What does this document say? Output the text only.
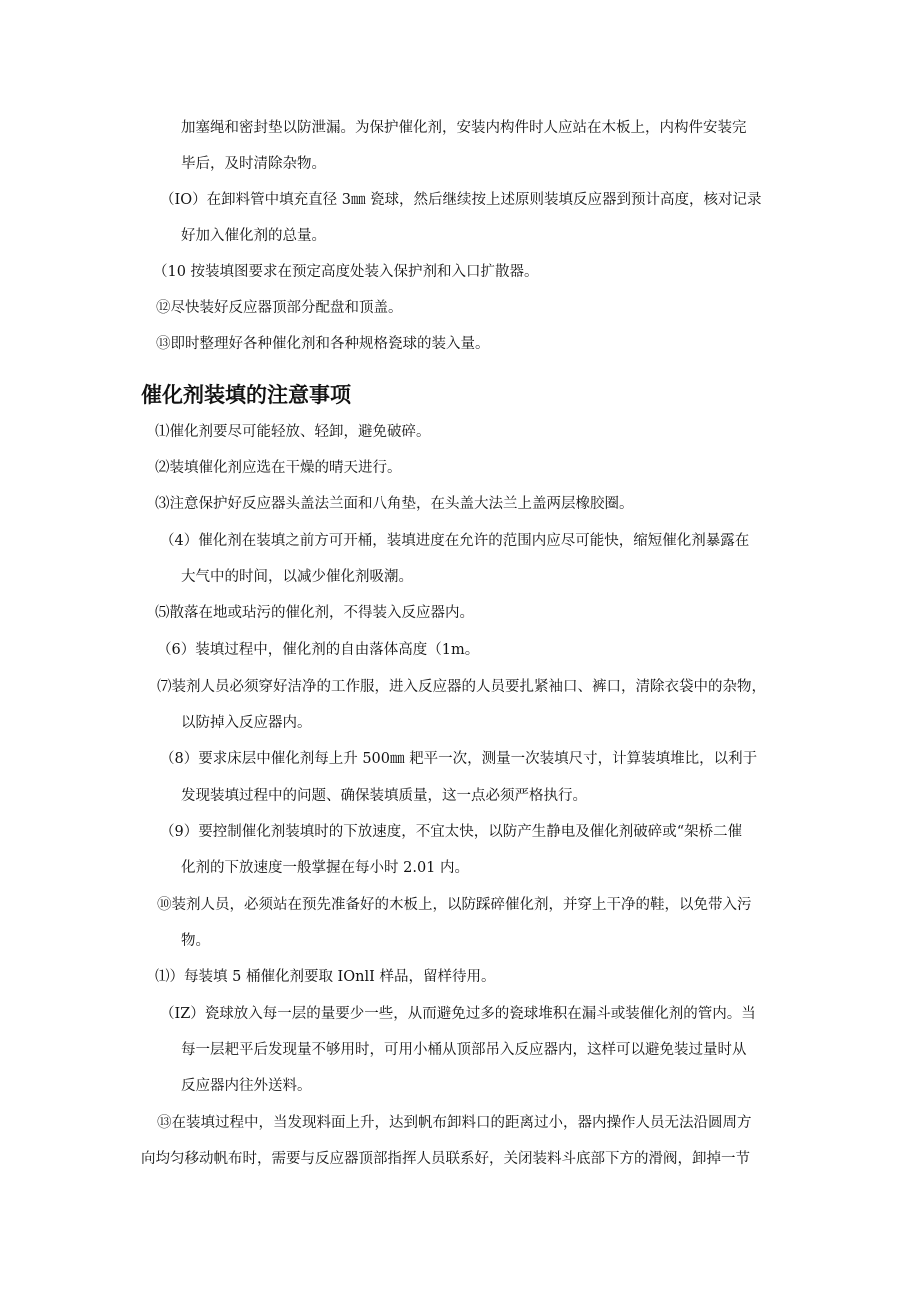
加塞绳和密封垫以防泄漏。为保护催化剂，安装内构件时人应站在木板上，内构件安装完
毕后，及时清除杂物。
（IO）在卸料管中填充直径 3㎜ 瓷球，然后继续按上述原则装填反应器到预计高度，核对记录
好加入催化剂的总量。
（10 按装填图要求在预定高度处装入保护剂和入口扩散器。
⑫尽快装好反应器顶部分配盘和顶盖。
⑬即时整理好各种催化剂和各种规格瓷球的装入量。
催化剂装填的注意事项
⑴催化剂要尽可能轻放、轻卸，避免破碎。
⑵装填催化剂应选在干燥的晴天进行。
⑶注意保护好反应器头盖法兰面和八角垫，在头盖大法兰上盖两层橡胶圈。
（4）催化剂在装填之前方可开桶，装填进度在允许的范围内应尽可能快，缩短催化剂暴露在
大气中的时间，以减少催化剂吸潮。
⑸散落在地或玷污的催化剂，不得装入反应器内。
（6）装填过程中，催化剂的自由落体高度（1m。
⑺装剂人员必须穿好洁净的工作服，进入反应器的人员要扎紧袖口、裤口，清除衣袋中的杂物，
以防掉入反应器内。
（8）要求床层中催化剂每上升 500㎜ 耙平一次，测量一次装填尺寸，计算装填堆比，以利于
发现装填过程中的问题、确保装填质量，这一点必须严格执行。
（9）要控制催化剂装填时的下放速度，不宜太快，以防产生静电及催化剂破碎或“架桥二催
化剂的下放速度一般掌握在每小时 2.01 内。
⑩装剂人员，必须站在预先准备好的木板上，以防踩碎催化剂，并穿上干净的鞋，以免带入污
物。
⑴）每装填 5 桶催化剂要取 IOnlI 样品，留样待用。
（IZ）瓷球放入每一层的量要少一些，从而避免过多的瓷球堆积在漏斗或装催化剂的管内。当
每一层耙平后发现量不够用时，可用小桶从顶部吊入反应器内，这样可以避免装过量时从
反应器内往外送料。
⑬在装填过程中，当发现料面上升，达到帆布卸料口的距离过小，器内操作人员无法沿圆周方
向均匀移动帆布时，需要与反应器顶部指挥人员联系好，关闭装料斗底部下方的滑阀，卸掉一节
